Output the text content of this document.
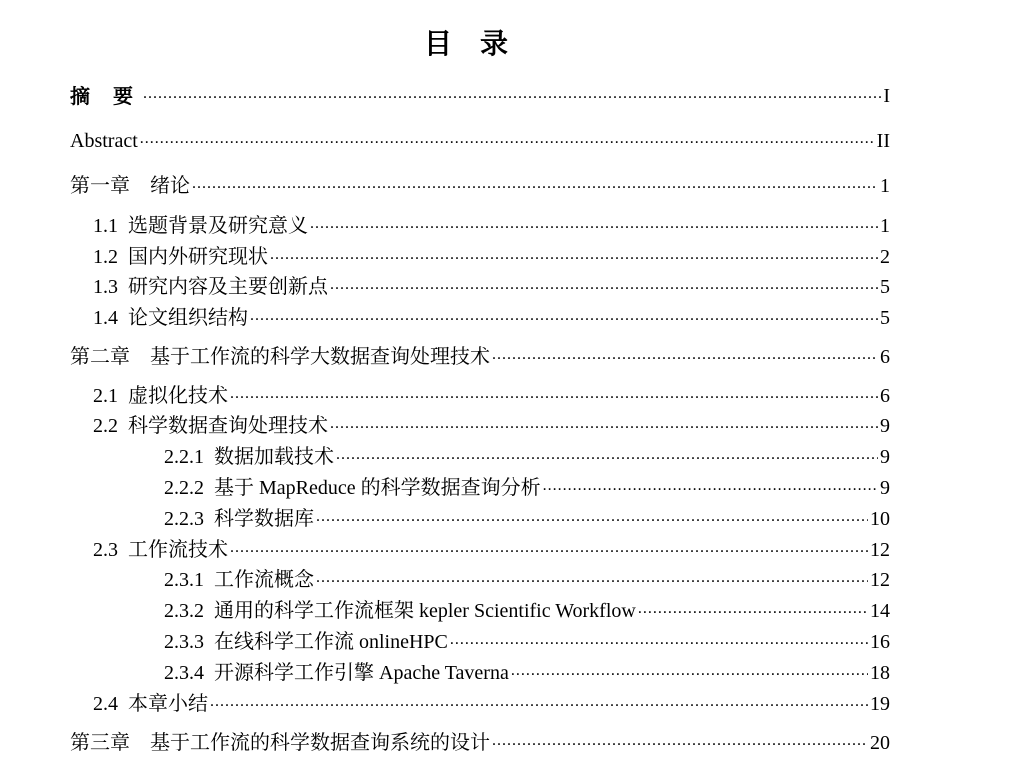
目录
摘 要 .....	I
Abstract .....	II
第一章　绪论 .....	1
1.1 选题背景及研究意义 .....	1
1.2 国内外研究现状 .....	2
1.3 研究内容及主要创新点 .....	5
1.4 论文组织结构 .....	5
第二章　基于工作流的科学大数据查询处理技术 .....	6
2.1 虚拟化技术 .....	6
2.2 科学数据查询处理技术 .....	9
2.2.1 数据加载技术 .....	9
2.2.2 基于 MapReduce 的科学数据查询分析 .....	9
2.2.3 科学数据库 .....	10
2.3 工作流技术 .....	12
2.3.1 工作流概念 .....	12
2.3.2 通用的科学工作流框架 kepler Scientific Workflow .....	14
2.3.3 在线科学工作流 onlineHPC .....	16
2.3.4 开源科学工作引擎 Apache Taverna .....	18
2.4 本章小结 .....	19
第三章　基于工作流的科学数据查询系统的设计 .....	20
